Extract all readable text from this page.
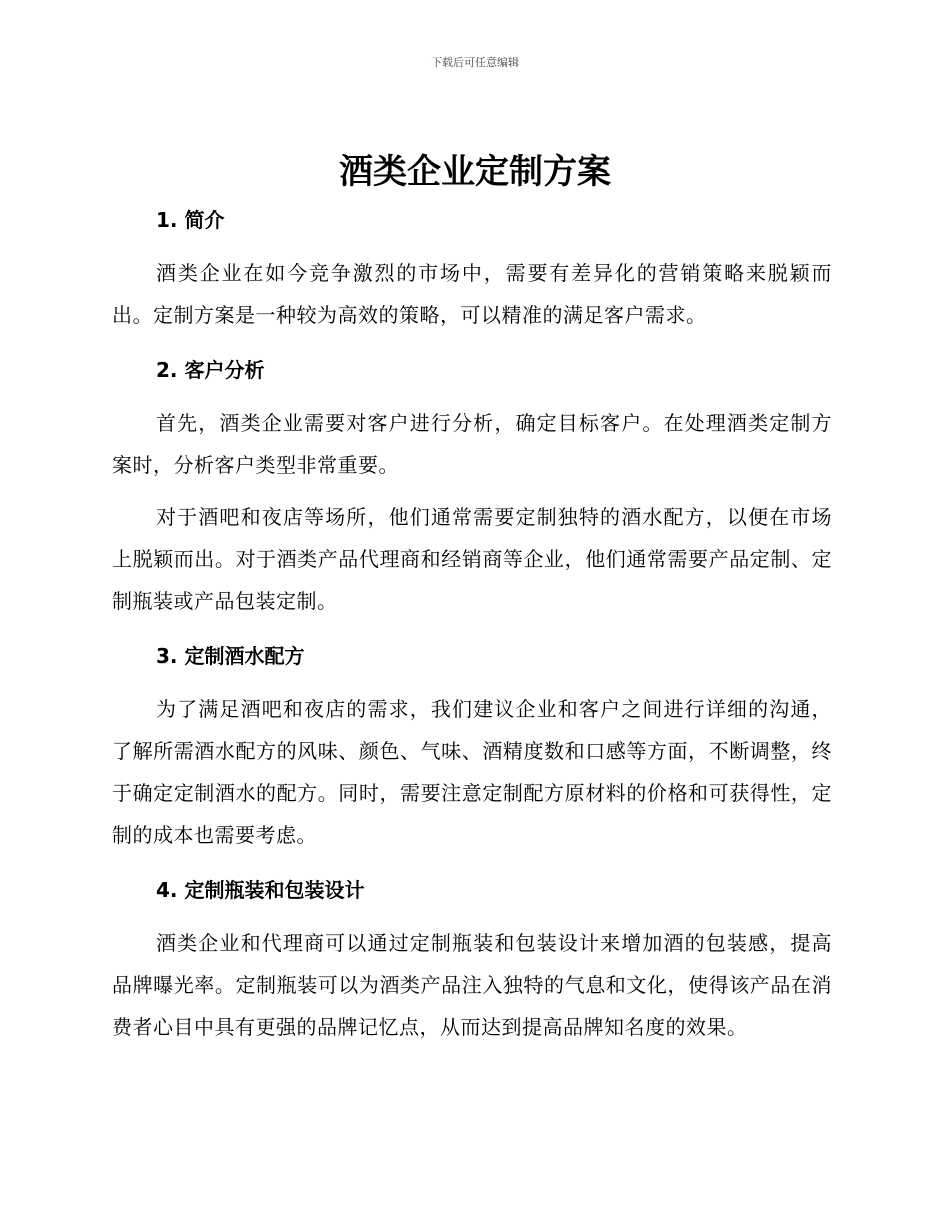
下载后可任意编辑
酒类企业定制方案
1. 简介

酒类企业在如今竞争激烈的市场中，需要有差异化的营销策略来脱颖而出。定制方案是一种较为高效的策略，可以精准的满足客户需求。

2. 客户分析

首先，酒类企业需要对客户进行分析，确定目标客户。在处理酒类定制方案时，分析客户类型非常重要。

对于酒吧和夜店等场所，他们通常需要定制独特的酒水配方，以便在市场上脱颖而出。对于酒类产品代理商和经销商等企业，他们通常需要产品定制、定制瓶装或产品包装定制。

3. 定制酒水配方

为了满足酒吧和夜店的需求，我们建议企业和客户之间进行详细的沟通，了解所需酒水配方的风味、颜色、气味、酒精度数和口感等方面，不断调整，终于确定定制酒水的配方。同时，需要注意定制配方原材料的价格和可获得性，定制的成本也需要考虑。

4. 定制瓶装和包装设计

酒类企业和代理商可以通过定制瓶装和包装设计来增加酒的包装感，提高品牌曝光率。定制瓶装可以为酒类产品注入独特的气息和文化，使得该产品在消费者心目中具有更强的品牌记忆点，从而达到提高品牌知名度的效果。
